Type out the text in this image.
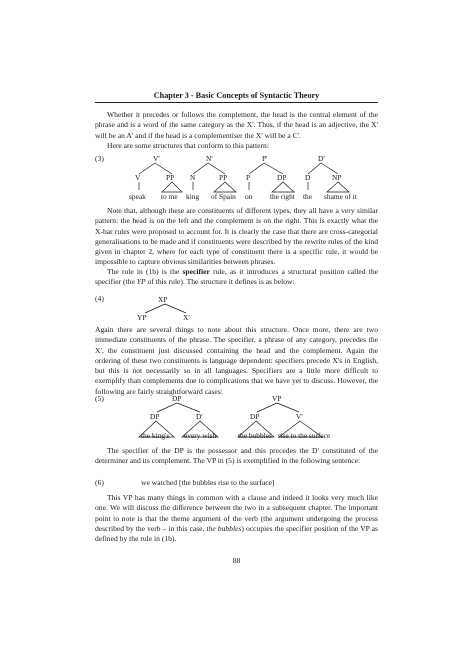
Chapter 3 - Basic Concepts of Syntactic Theory

Whether it precedes or follows the complement, the head is the central element of the phrase and is a word of the same category as the X'. Thus, if the head is an adjective, the X' will be an A' and if the head is a complementiser the X' will be a C'.

Here are some structures that conform to this pattern:

(3)	V'
V	PP
speak to me
N'
N	PP
king of Spain
P'
P	DP
on the right
D'
D	NP
the shame of it

Note that, although these are constituents of different types, they all have a very similar pattern: the head is on the left and the complement is on the right. This is exactly what the X-bar rules were proposed to account for. It is clearly the case that there are cross-categorial generalisations to be made and if constituents were described by the rewrite rules of the kind given in chapter 2, where for each type of constituent there is a specific rule, it would be impossible to capture obvious similarities between phrases.

The rule in (1b) is the specifier rule, as it introduces a structural position called the specifier (the YP of this rule). The structure it defines is as below:

(4)	XP
YP	X'

Again there are several things to note about this structure. Once more, there are two immediate constituents of the phrase. The specifier, a phrase of any category, precedes the X', the constituent just discussed containing the head and the complement. Again the ordering of these two constituents is language dependent: specifiers precede X's in English, but this is not necessarily so in all languages. Specifiers are a little more difficult to exemplify than complements due to complications that we have yet to discuss. However, the following are fairly straightforward cases:

(5)	DP
DP	D'
the king's every wish
VP
DP	V'
the bubbles rise to the surface

The specifier of the DP is the possessor and this precedes the D' constituted of the determiner and its complement. The VP in (5) is exemplified in the following sentence:

(6)	we watched [the bubbles rise to the surface]

This VP has many things in common with a clause and indeed it looks very much like one. We will discuss the difference between the two in a subsequent chapter. The important point to note is that the theme argument of the verb (the argument undergoing the process described by the verb – in this case, the bubbles) occupies the specifier position of the VP as defined by the rule in (1b).

88
